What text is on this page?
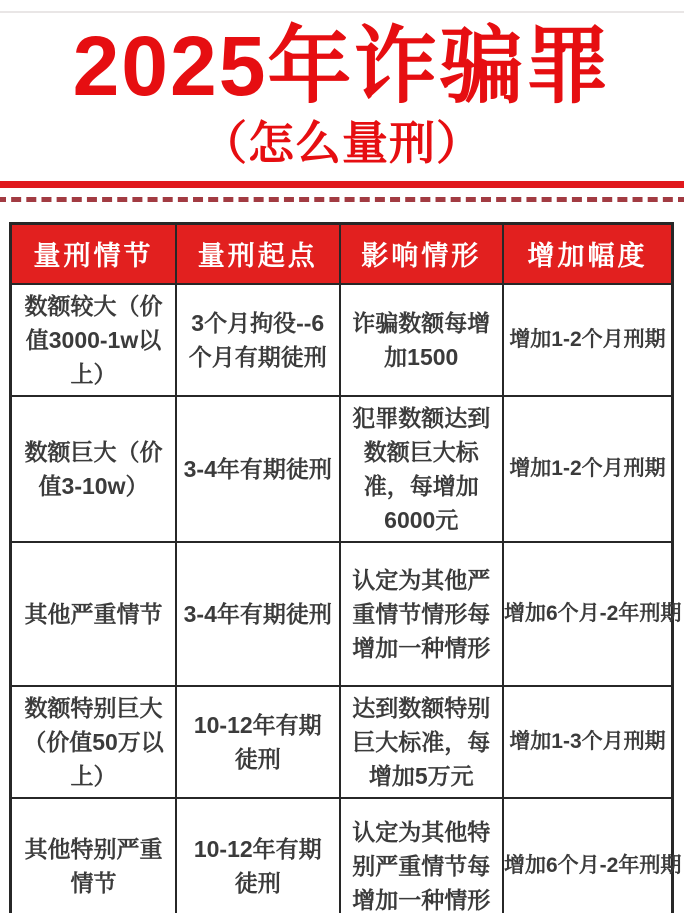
2025年诈骗罪
（怎么量刑）
量刑情节	量刑起点	影响情形	增加幅度
数额较大（价值3000-1w以上）	3个月拘役--6个月有期徒刑	诈骗数额每增加1500	增加1-2个月刑期
数额巨大（价值3-10w）	3-4年有期徒刑	犯罪数额达到数额巨大标准，每增加6000元	增加1-2个月刑期
其他严重情节	3-4年有期徒刑	认定为其他严重情节情形每增加一种情形	增加6个月-2年刑期
数额特别巨大（价值50万以上）	10-12年有期徒刑	达到数额特别巨大标准，每增加5万元	增加1-3个月刑期
其他特别严重情节	10-12年有期徒刑	认定为其他特别严重情节每增加一种情形	增加6个月-2年刑期
